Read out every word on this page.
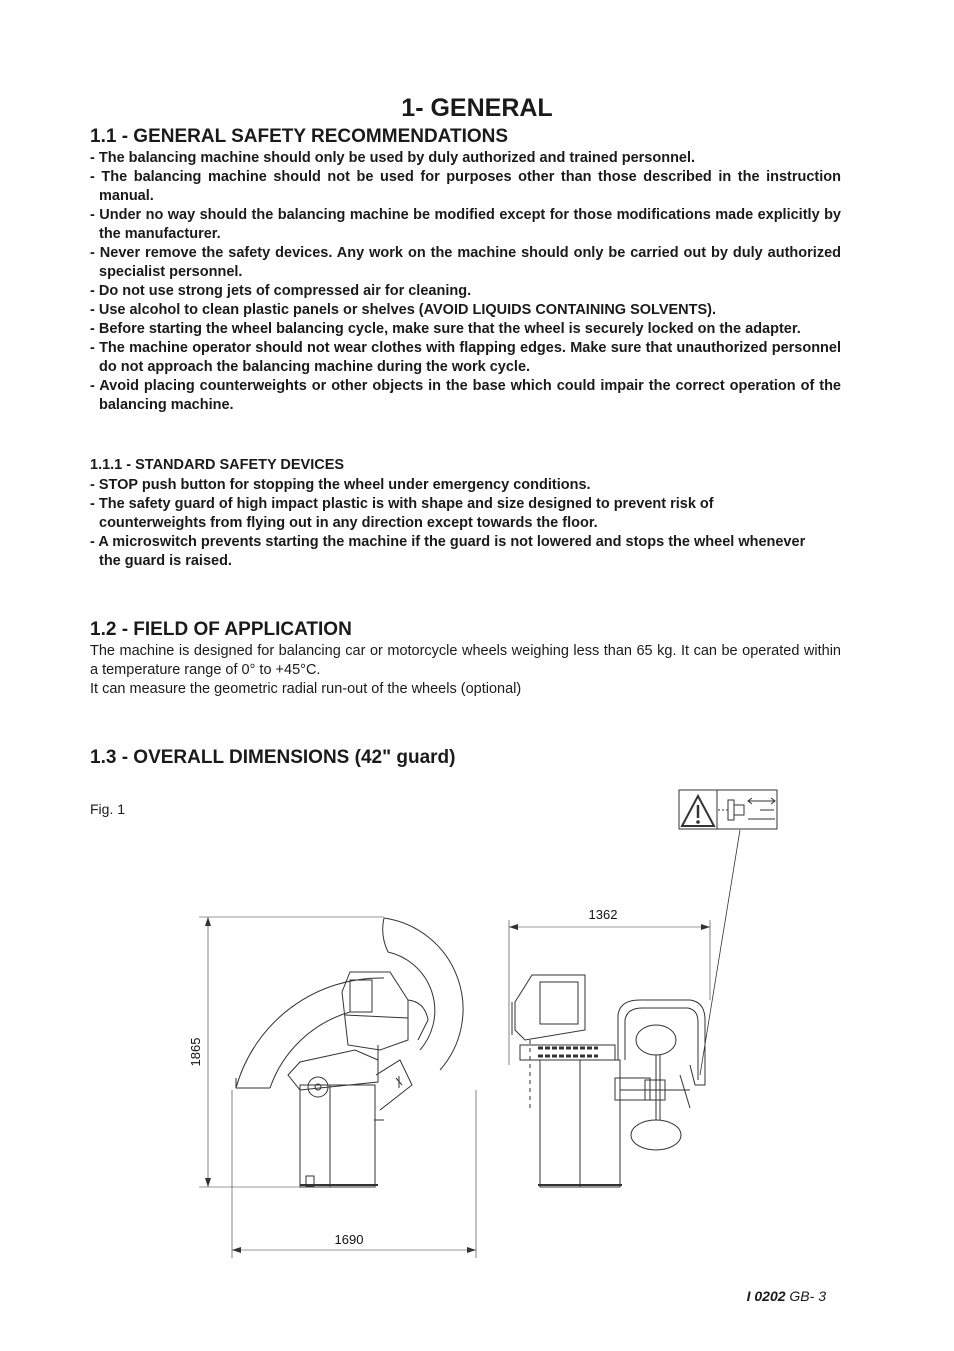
1- GENERAL
1.1 - GENERAL SAFETY RECOMMENDATIONS
- The balancing machine should only be used by duly authorized and trained personnel.
- The balancing machine should not be used for purposes other than those described in the instruction manual.
- Under no way should the balancing machine be modified except for those modifications made explicitly by the manufacturer.
- Never remove the safety devices. Any work on the machine should only be carried out by duly authorized specialist personnel.
- Do not use strong jets of compressed air for cleaning.
- Use alcohol to clean plastic panels or shelves (AVOID LIQUIDS CONTAINING SOLVENTS).
- Before starting the wheel balancing cycle, make sure that the wheel is securely locked on the adapter.
- The machine operator should not wear clothes with flapping edges. Make sure that unauthorized personnel do not approach the balancing machine during the work cycle.
- Avoid placing counterweights or other objects in the base which could impair the correct operation of the balancing machine.
1.1.1 - STANDARD SAFETY DEVICES
- STOP push button for stopping the wheel under emergency conditions.
- The safety guard of high impact plastic is with shape and size designed to prevent risk of counterweights from flying out in any direction except towards the floor.
- A microswitch prevents starting the machine if the guard is not lowered and stops the wheel whenever the guard is raised.
1.2 - FIELD OF APPLICATION
The machine is designed for balancing car or motorcycle wheels weighing less than 65 kg. It can be operated within a temperature range of 0° to +45°C.
It can measure the geometric radial run-out of the wheels (optional)
1.3 - OVERALL DIMENSIONS (42" guard)
Fig. 1
1865
1690
1362
I 0202 GB- 3
